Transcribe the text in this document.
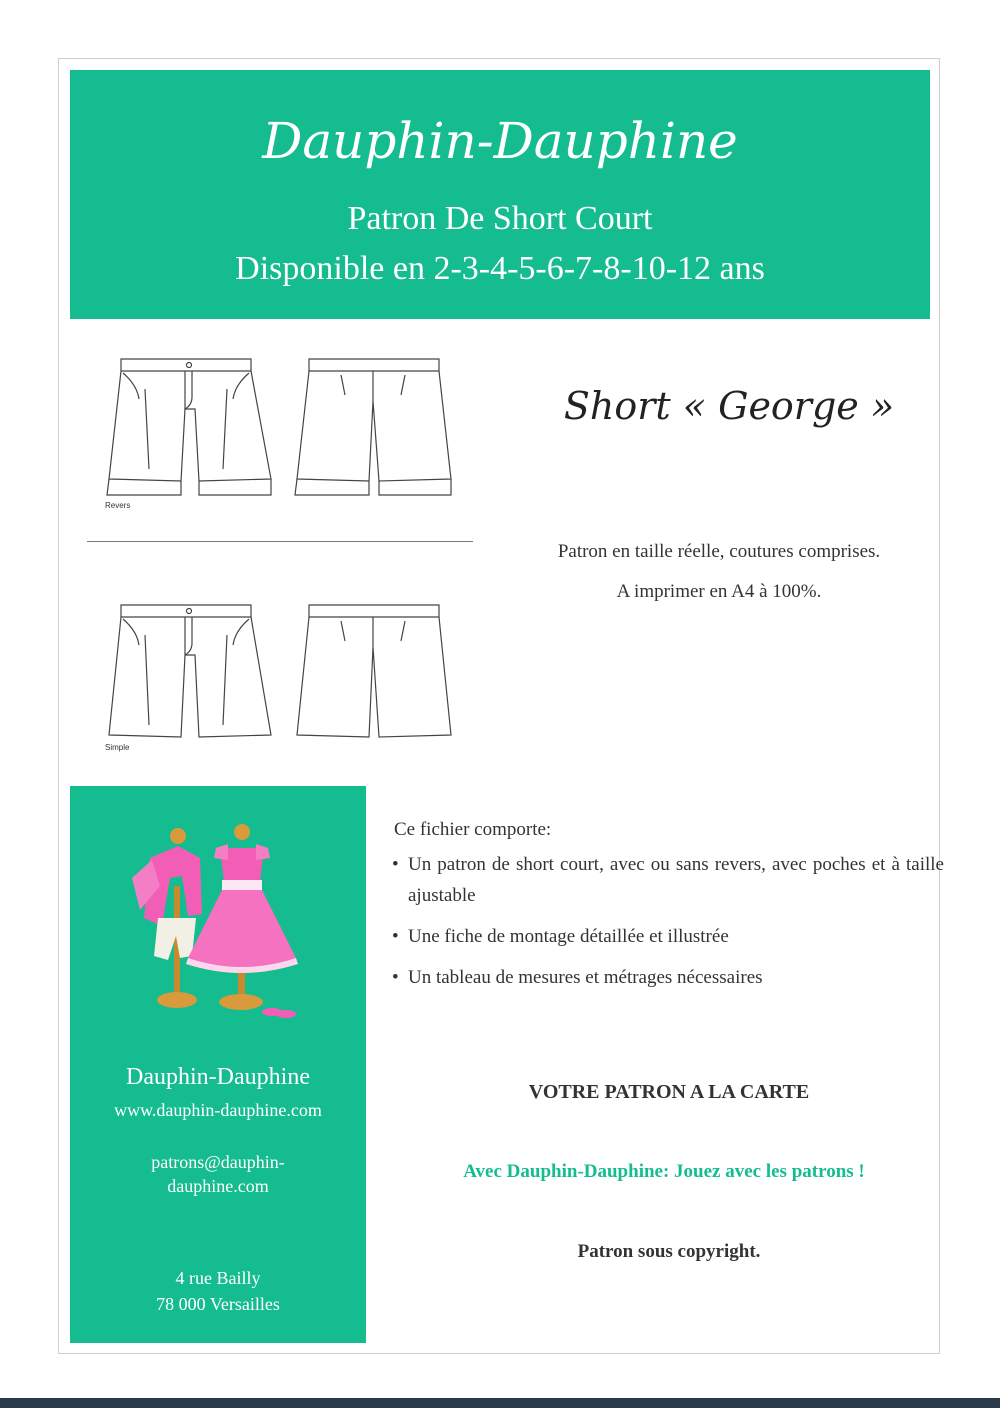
Dauphin-Dauphine
Patron De Short Court
Disponible en 2-3-4-5-6-7-8-10-12 ans
Revers
Simple
Short « George »
Patron en taille réelle, coutures comprises.
A imprimer en A4 à 100%.
Dauphin-Dauphine
www.dauphin-dauphine.com
patrons@dauphin-
dauphine.com
4 rue Bailly
78 000 Versailles
Ce fichier comporte:
• Un patron de short court, avec ou sans revers, avec poches et à taille ajustable
• Une fiche de montage détaillée et illustrée
• Un tableau de mesures et métrages nécessaires
VOTRE PATRON A LA CARTE
Avec Dauphin-Dauphine: Jouez avec les patrons !
Patron sous copyright.
